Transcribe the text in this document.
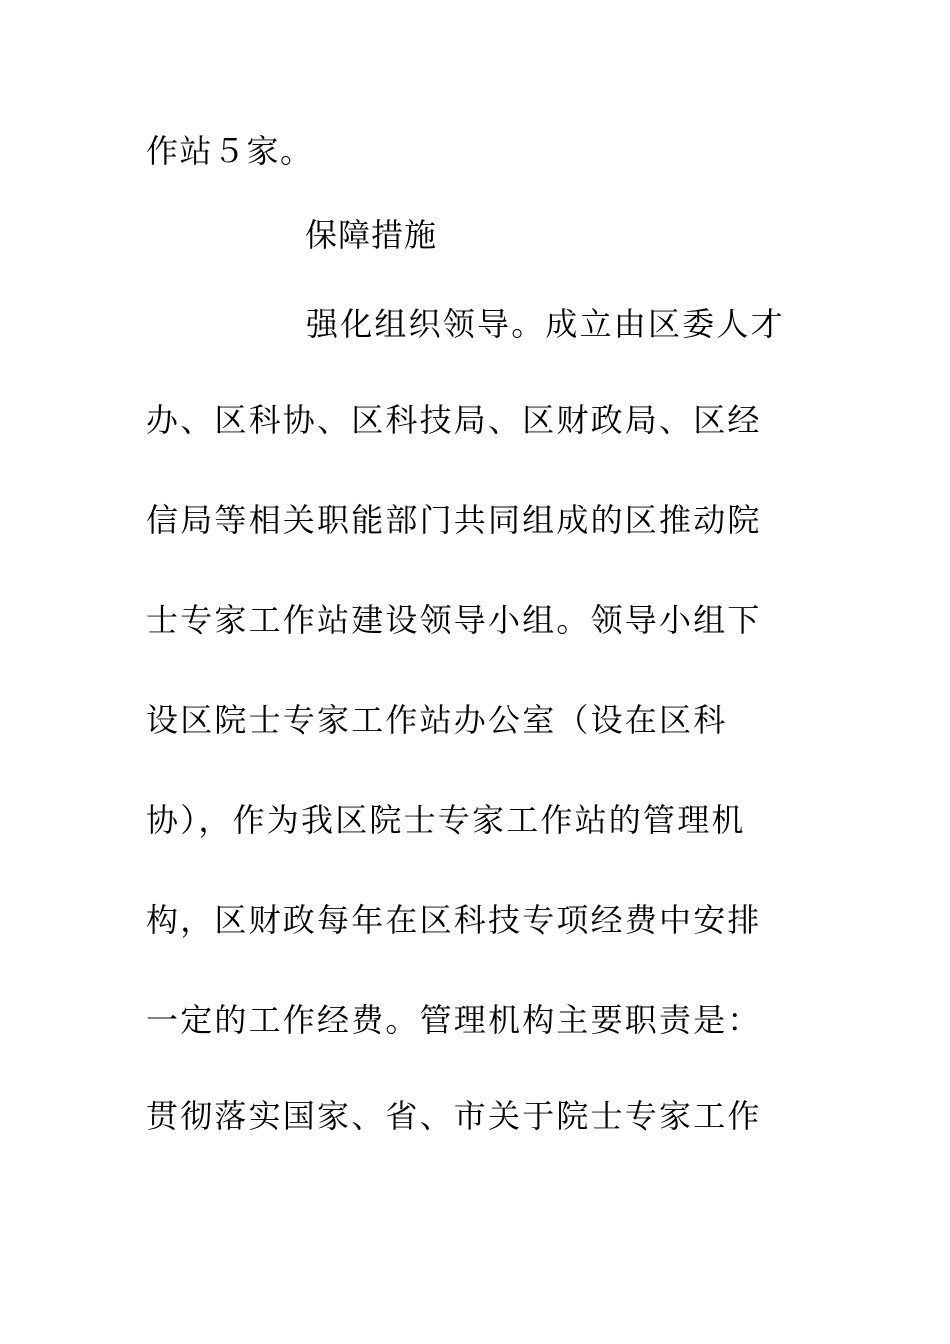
作站５家。
保障措施
强化组织领导。成立由区委人才
办、区科协、区科技局、区财政局、区经
信局等相关职能部门共同组成的区推动院
士专家工作站建设领导小组。领导小组下
设区院士专家工作站办公室（设在区科
协），作为我区院士专家工作站的管理机
构，区财政每年在区科技专项经费中安排
一定的工作经费。管理机构主要职责是：
贯彻落实国家、省、市关于院士专家工作
